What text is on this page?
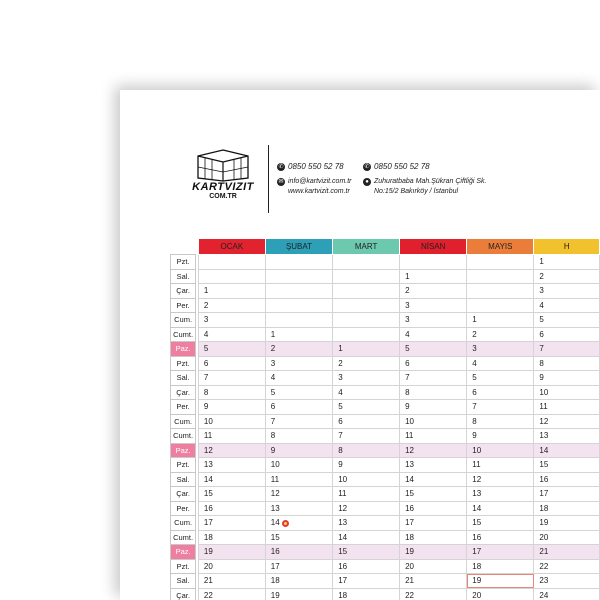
KARTVIZIT
COM.TR
✆ 0850 550 52 78	✆ 0850 550 52 78
✉ info@kartvizit.com.tr
www.kartvizit.com.tr
● Zuhuratbaba Mah.Şükran Çiftliği Sk.
No:15/2 Bakırköy / İstanbul
		OCAK	ŞUBAT	MART	NİSAN	MAYIS	H
Pzt.							1
Sal.					1		2
Çar.		1			2		3
Per.		2			3		4
Cum.		3			3	1	5
Cumt.		4	1		4	2	6
Paz.		5	2	1	5	3	7
Pzt.		6	3	2	6	4	8
Sal.		7	4	3	7	5	9
Çar.		8	5	4	8	6	10
Per.		9	6	5	9	7	11
Cum.		10	7	6	10	8	12
Cumt.		11	8	7	11	9	13
Paz.		12	9	8	12	10	14
Pzt.		13	10	9	13	11	15
Sal.		14	11	10	14	12	16
Çar.		15	12	11	15	13	17
Per.		16	13	12	16	14	18
Cum.		17	14	13	17	15	19
Cumt.		18	15	14	18	16	20
Paz.		19	16	15	19	17	21
Pzt.		20	17	16	20	18	22
Sal.		21	18	17	21	19	23
Çar.		22	19	18	22	20	24
